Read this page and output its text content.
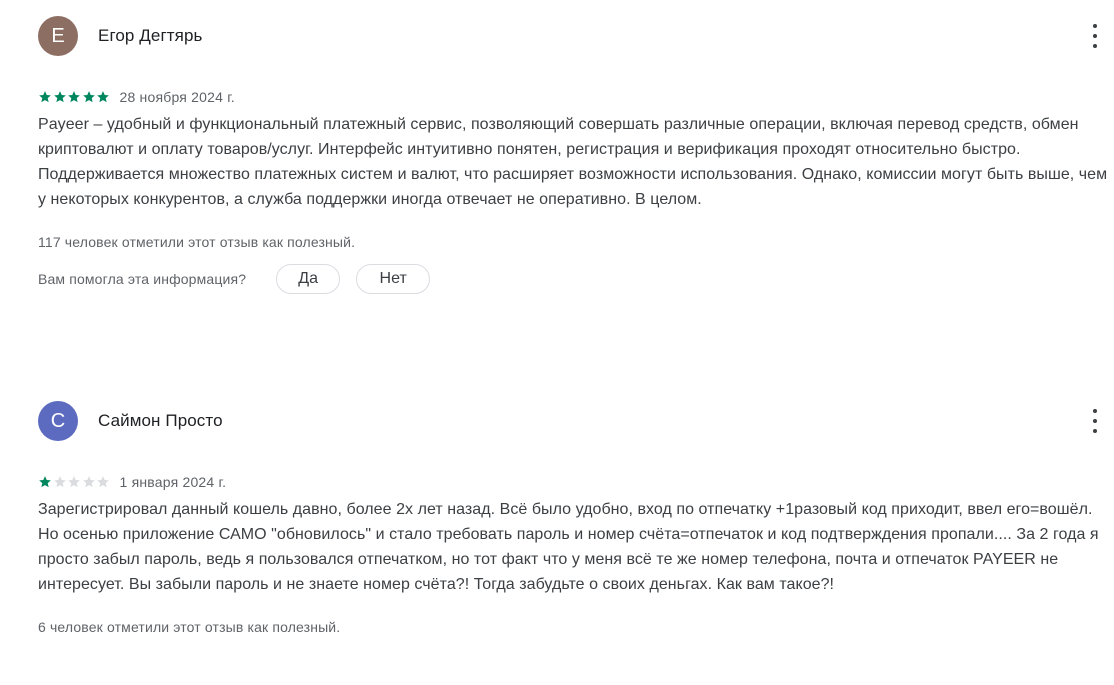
E Егор Дегтярь
28 ноября 2024 г.
Payeer – удобный и функциональный платежный сервис, позволяющий совершать различные операции, включая перевод средств, обмен криптовалют и оплату товаров/услуг. Интерфейс интуитивно понятен, регистрация и верификация проходят относительно быстро. Поддерживается множество платежных систем и валют, что расширяет возможности использования. Однако, комиссии могут быть выше, чем у некоторых конкурентов, а служба поддержки иногда отвечает не оперативно. В целом.
117 человек отметили этот отзыв как полезный.
Вам помогла эта информация?	Да	Нет
С Саймон Просто
1 января 2024 г.
Зарегистрировал данный кошель давно, более 2х лет назад. Всё было удобно, вход по отпечатку +1разовый код приходит, ввел его=вошёл. Но осенью приложение САМО "обновилось" и стало требовать пароль и номер счёта=отпечаток и код подтверждения пропали.... За 2 года я просто забыл пароль, ведь я пользовался отпечатком, но тот факт что у меня всё те же номер телефона, почта и отпечаток PAYEER не интересует. Вы забыли пароль и не знаете номер счёта?! Тогда забудьте о своих деньгах. Как вам такое?!
6 человек отметили этот отзыв как полезный.
